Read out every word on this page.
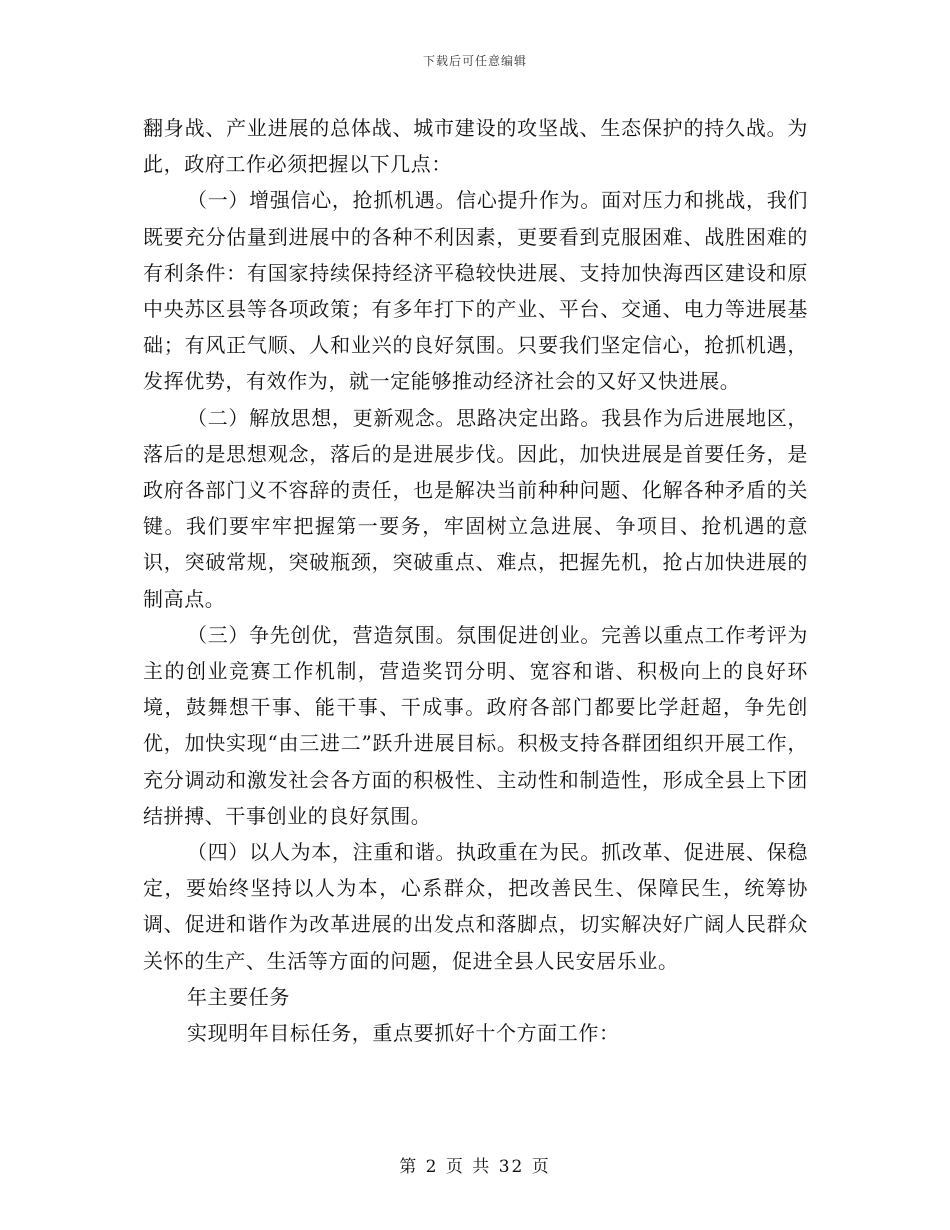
下载后可任意编辑

翻身战、产业进展的总体战、城市建设的攻坚战、生态保护的持久战。为此，政府工作必须把握以下几点：

（一）增强信心，抢抓机遇。信心提升作为。面对压力和挑战，我们既要充分估量到进展中的各种不利因素，更要看到克服困难、战胜困难的有利条件：有国家持续保持经济平稳较快进展、支持加快海西区建设和原中央苏区县等各项政策；有多年打下的产业、平台、交通、电力等进展基础；有风正气顺、人和业兴的良好氛围。只要我们坚定信心，抢抓机遇，发挥优势，有效作为，就一定能够推动经济社会的又好又快进展。

（二）解放思想，更新观念。思路决定出路。我县作为后进展地区，落后的是思想观念，落后的是进展步伐。因此，加快进展是首要任务，是政府各部门义不容辞的责任，也是解决当前种种问题、化解各种矛盾的关键。我们要牢牢把握第一要务，牢固树立急进展、争项目、抢机遇的意识，突破常规，突破瓶颈，突破重点、难点，把握先机，抢占加快进展的制高点。

（三）争先创优，营造氛围。氛围促进创业。完善以重点工作考评为主的创业竞赛工作机制，营造奖罚分明、宽容和谐、积极向上的良好环境，鼓舞想干事、能干事、干成事。政府各部门都要比学赶超，争先创优，加快实现“由三进二”跃升进展目标。积极支持各群团组织开展工作，充分调动和激发社会各方面的积极性、主动性和制造性，形成全县上下团结拼搏、干事创业的良好氛围。

（四）以人为本，注重和谐。执政重在为民。抓改革、促进展、保稳定，要始终坚持以人为本，心系群众，把改善民生、保障民生，统筹协调、促进和谐作为改革进展的出发点和落脚点，切实解决好广阔人民群众关怀的生产、生活等方面的问题，促进全县人民安居乐业。

年主要任务

实现明年目标任务，重点要抓好十个方面工作：

第 2 页 共 32 页
